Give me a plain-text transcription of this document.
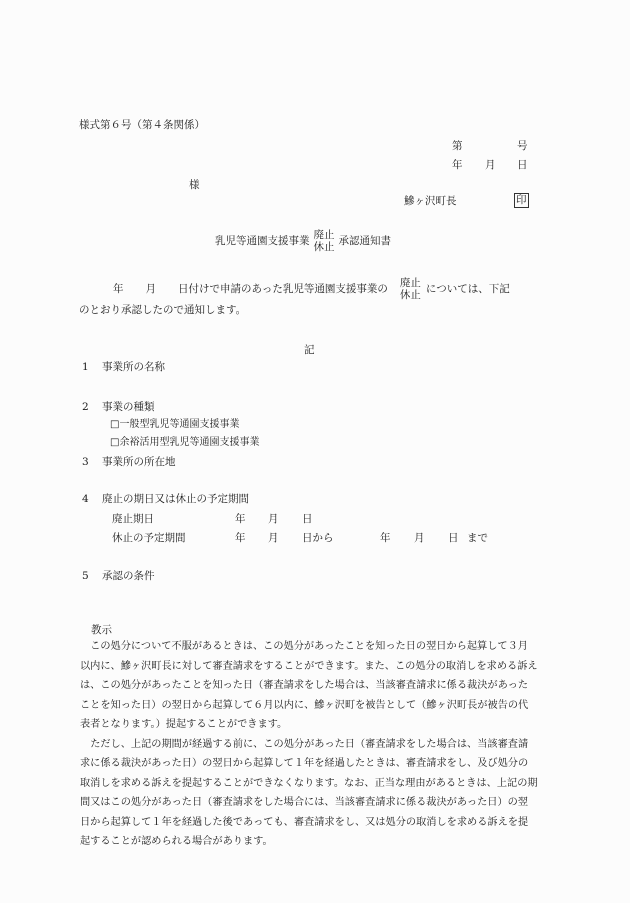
様式第６号（第４条関係）
第	号
年 月 日
様
鰺ヶ沢町長	印
乳児等通園支援事業
廃止
休止 承認通知書
年 月 日付けで申請のあった乳児等通園支援事業の
廃止
休止 については、下記
のとおり承認したので通知します。
記
1 事業所の名称
2 事業の種類
□一般型乳児等通園支援事業
□余裕活用型乳児等通園支援事業
3 事業所の所在地
4 廃止の期日又は休止の予定期間
廃止期日	年 月 日
休止の予定期間	年 月 日から	年 月 日 まで
5 承認の条件
教示

この処分について不服があるときは、この処分があったことを知った日の翌日から起算して３月以内に、鰺ヶ沢町長に対して審査請求をすることができます。また、この処分の取消しを求める訴えは、この処分があったことを知った日（審査請求をした場合は、当該審査請求に係る裁決があったことを知った日）の翌日から起算して６月以内に、鰺ヶ沢町を被告として（鰺ヶ沢町長が被告の代表者となります。）提起することができます。

ただし、上記の期間が経過する前に、この処分があった日（審査請求をした場合は、当該審査請求に係る裁決があった日）の翌日から起算して１年を経過したときは、審査請求をし、及び処分の取消しを求める訴えを提起することができなくなります。なお、正当な理由があるときは、上記の期間又はこの処分があった日（審査請求をした場合には、当該審査請求に係る裁決があった日）の翌日から起算して１年を経過した後であっても、審査請求をし、又は処分の取消しを求める訴えを提起することが認められる場合があります。
